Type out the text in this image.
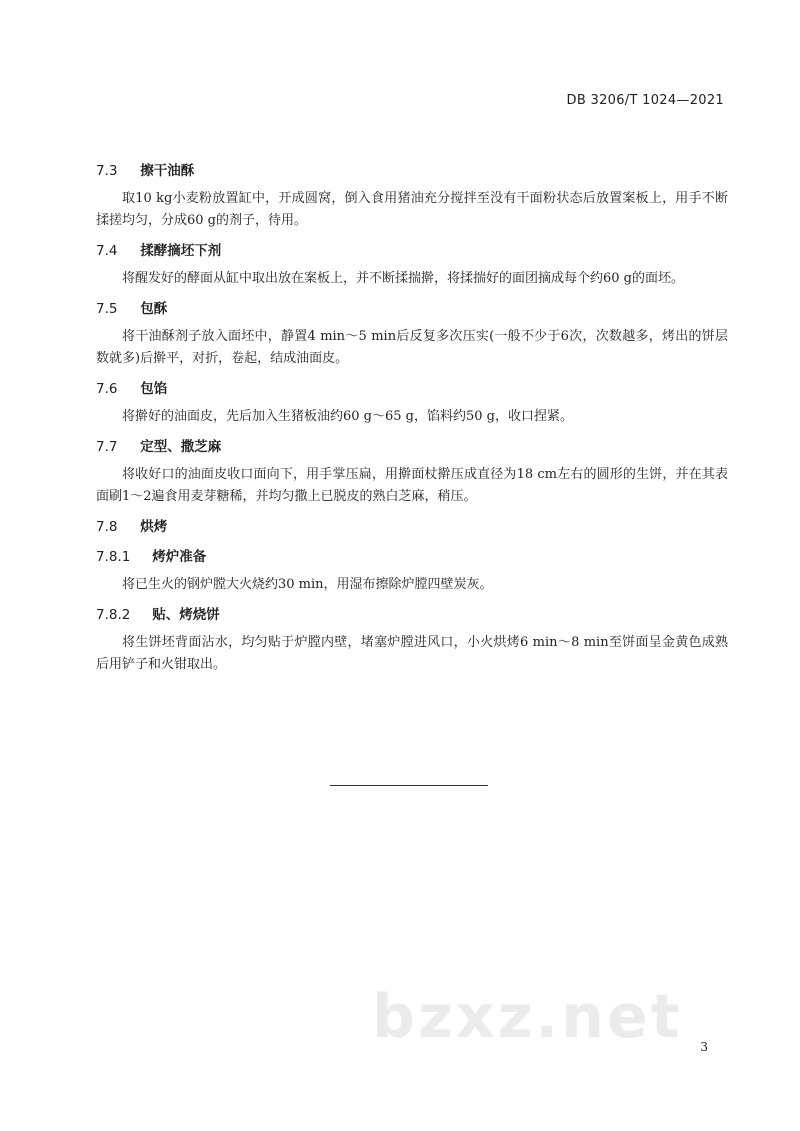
DB 3206/T 1024—2021

7.3 擦干油酥

取10 kg小麦粉放置缸中，开成圆窝，倒入食用猪油充分搅拌至没有干面粉状态后放置案板上，用手不断揉搓均匀，分成60 g的剂子，待用。

7.4 揉酵摘坯下剂

将醒发好的酵面从缸中取出放在案板上，并不断揉揣擀，将揉揣好的面团摘成每个约60 g的面坯。

7.5 包酥

将干油酥剂子放入面坯中，静置4 min～5 min后反复多次压实(一般不少于6次，次数越多，烤出的饼层数就多)后擀平，对折，卷起，结成油面皮。

7.6 包馅

将擀好的油面皮，先后加入生猪板油约60 g～65 g，馅料约50 g，收口捏紧。

7.7 定型、撒芝麻

将收好口的油面皮收口面向下，用手掌压扁，用擀面杖擀压成直径为18 cm左右的圆形的生饼，并在其表面刷1～2遍食用麦芽糖稀，并均匀撒上已脱皮的熟白芝麻，稍压。

7.8 烘烤

7.8.1 烤炉准备

将已生火的钢炉膛大火烧约30 min，用湿布擦除炉膛四壁炭灰。

7.8.2 贴、烤烧饼

将生饼坯背面沾水，均匀贴于炉膛内壁，堵塞炉膛进风口，小火烘烤6 min～8 min至饼面呈金黄色成熟后用铲子和火钳取出。

bzxz.net 3
